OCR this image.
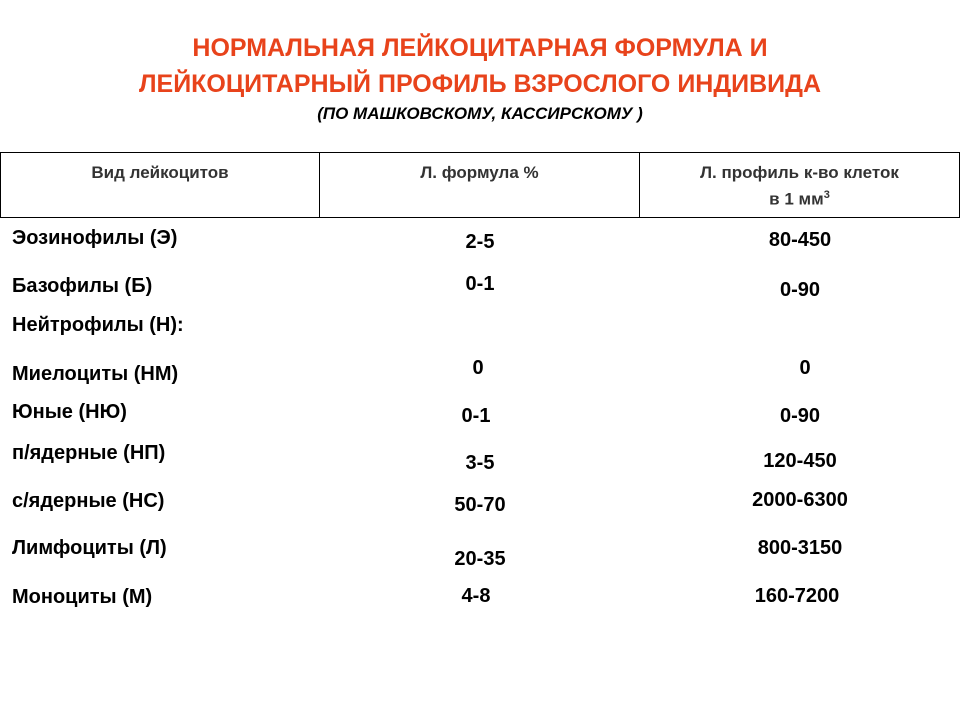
НОРМАЛЬНАЯ ЛЕЙКОЦИТАРНАЯ ФОРМУЛА И
ЛЕЙКОЦИТАРНЫЙ ПРОФИЛЬ ВЗРОСЛОГО ИНДИВИДА
(ПО МАШКОВСКОМУ, КАССИРСКОМУ )
Вид лейкоцитов	Л. формула %	Л. профиль к-во клеток
в 1 $мм^3$
Эозинофилы (Э)	2-5	80-450
Базофилы (Б)	0-1	0-90
Нейтрофилы (Н):
Миелоциты (НМ)	0	0
Юные (НЮ)	0-1	0-90
п/ядерные (НП)	3-5	120-450
с/ядерные (НС)	50-70	2000-6300
Лимфоциты (Л)	20-35	800-3150
Моноциты (М)	4-8	160-7200
